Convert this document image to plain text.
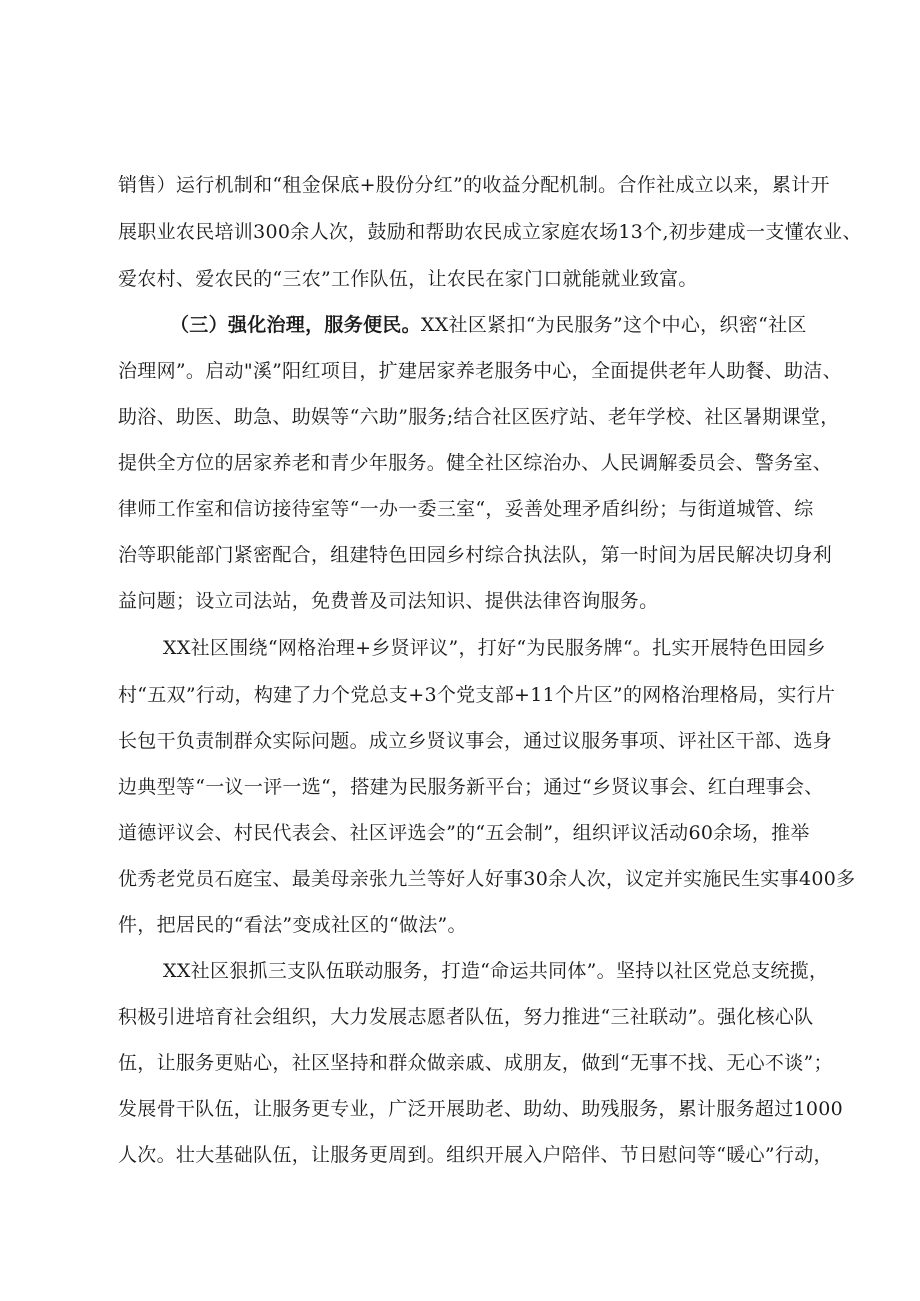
销售）运行机制和“租金保底+股份分红”的收益分配机制。合作社成立以来，累计开
展职业农民培训300余人次，鼓励和帮助农民成立家庭农场13个,初步建成一支懂农业、
爱农村、爱农民的“三农”工作队伍，让农民在家门口就能就业致富。
（三）强化治理，服务便民。XX社区紧扣“为民服务”这个中心，织密“社区
治理网”。启动"溪”阳红项目，扩建居家养老服务中心，全面提供老年人助餐、助洁、
助浴、助医、助急、助娱等“六助”服务;结合社区医疗站、老年学校、社区暑期课堂，
提供全方位的居家养老和青少年服务。健全社区综治办、人民调解委员会、警务室、
律师工作室和信访接待室等“一办一委三室“，妥善处理矛盾纠纷；与街道城管、综
治等职能部门紧密配合，组建特色田园乡村综合执法队，第一时间为居民解决切身利
益问题；设立司法站，免费普及司法知识、提供法律咨询服务。
XX社区围绕“网格治理+乡贤评议”，打好“为民服务牌“。扎实开展特色田园乡
村“五双”行动，构建了力个党总支+3个党支部+11个片区”的网格治理格局，实行片
长包干负责制群众实际问题。成立乡贤议事会，通过议服务事项、评社区干部、选身
边典型等“一议一评一选“，搭建为民服务新平台；通过“乡贤议事会、红白理事会、
道德评议会、村民代表会、社区评选会”的“五会制”，组织评议活动60余场，推举
优秀老党员石庭宝、最美母亲张九兰等好人好事30余人次，议定并实施民生实事400多
件，把居民的“看法”变成社区的“做法”。
XX社区狠抓三支队伍联动服务，打造“命运共同体”。坚持以社区党总支统揽，
积极引进培育社会组织，大力发展志愿者队伍，努力推进“三社联动”。强化核心队
伍，让服务更贴心，社区坚持和群众做亲戚、成朋友，做到“无事不找、无心不谈”；
发展骨干队伍，让服务更专业，广泛开展助老、助幼、助残服务，累计服务超过1000
人次。壮大基础队伍，让服务更周到。组织开展入户陪伴、节日慰问等“暖心”行动，
